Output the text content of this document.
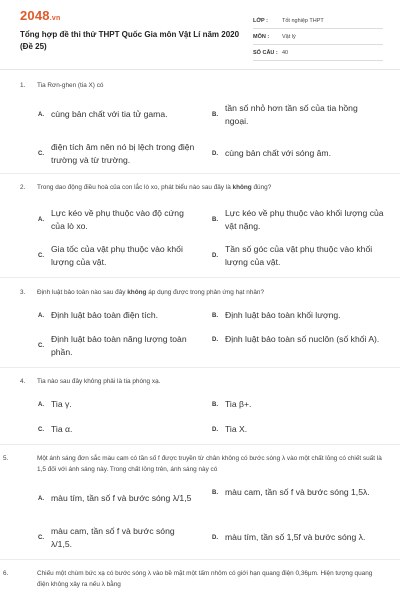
2048.vn
Tổng hợp đề thi thử THPT Quốc Gia môn Vật Lí năm 2020 (Đề 25)
LỚP :	Tốt nghiệp THPT
MÔN :	Vật lý
SỐ CÂU : 40
1. Tia Rơn-ghen (tia X) có
A. cùng bản chất với tia tử gama.	B.
tần số nhỏ hơn tần số của tia hồng ngoại.
C.
điện tích âm nên nó bị lệch trong điện trường và từ trường.
D. cùng bản chất với sóng âm.
2. Trong dao động điều hoà của con lắc lò xo, phát biểu nào sau đây là không đúng?
A.
Lực kéo về phụ thuộc vào độ cứng của lò xo.
B.
Lực kéo về phụ thuộc vào khối lượng của vật nặng.
C.
Gia tốc của vật phụ thuộc vào khối lượng của vật.
D.
Tần số góc của vật phụ thuộc vào khối lượng của vật.
3. Định luật bảo toàn nào sau đây không áp dụng được trong phản ứng hạt nhân?
A. Định luật bảo toàn điện tích.	B. Định luật bảo toàn khối lượng.
C.
Định luật bảo toàn năng lượng toàn phần.
D. Định luật bảo toàn số nuclôn (số khối A).
4. Tia nào sau đây không phải là tia phóng xạ.
A. Tia γ.	B. Tia β+.
C. Tia α.	D. Tia X.
5.	Một ánh sáng đơn sắc màu cam có tần số f được truyền từ chân không có bước sóng λ vào một chất lỏng có chiết suất là 1,5 đối với ánh sáng này. Trong chất lỏng trên, ánh sáng này có
A. màu tím, tần số f và bước sóng λ/1,5
B. màu cam, tần số f và bước sóng 1,5λ.
C.
màu cam, tần số f và bước sóng λ/1,5.
D. màu tím, tần số 1,5f và bước sóng λ.
6.	Chiếu một chùm bức xạ có bước sóng λ vào bề mặt một tấm nhôm có giới hạn quang điện 0,36μm. Hiện tượng quang điện không xảy ra nếu λ bằng
